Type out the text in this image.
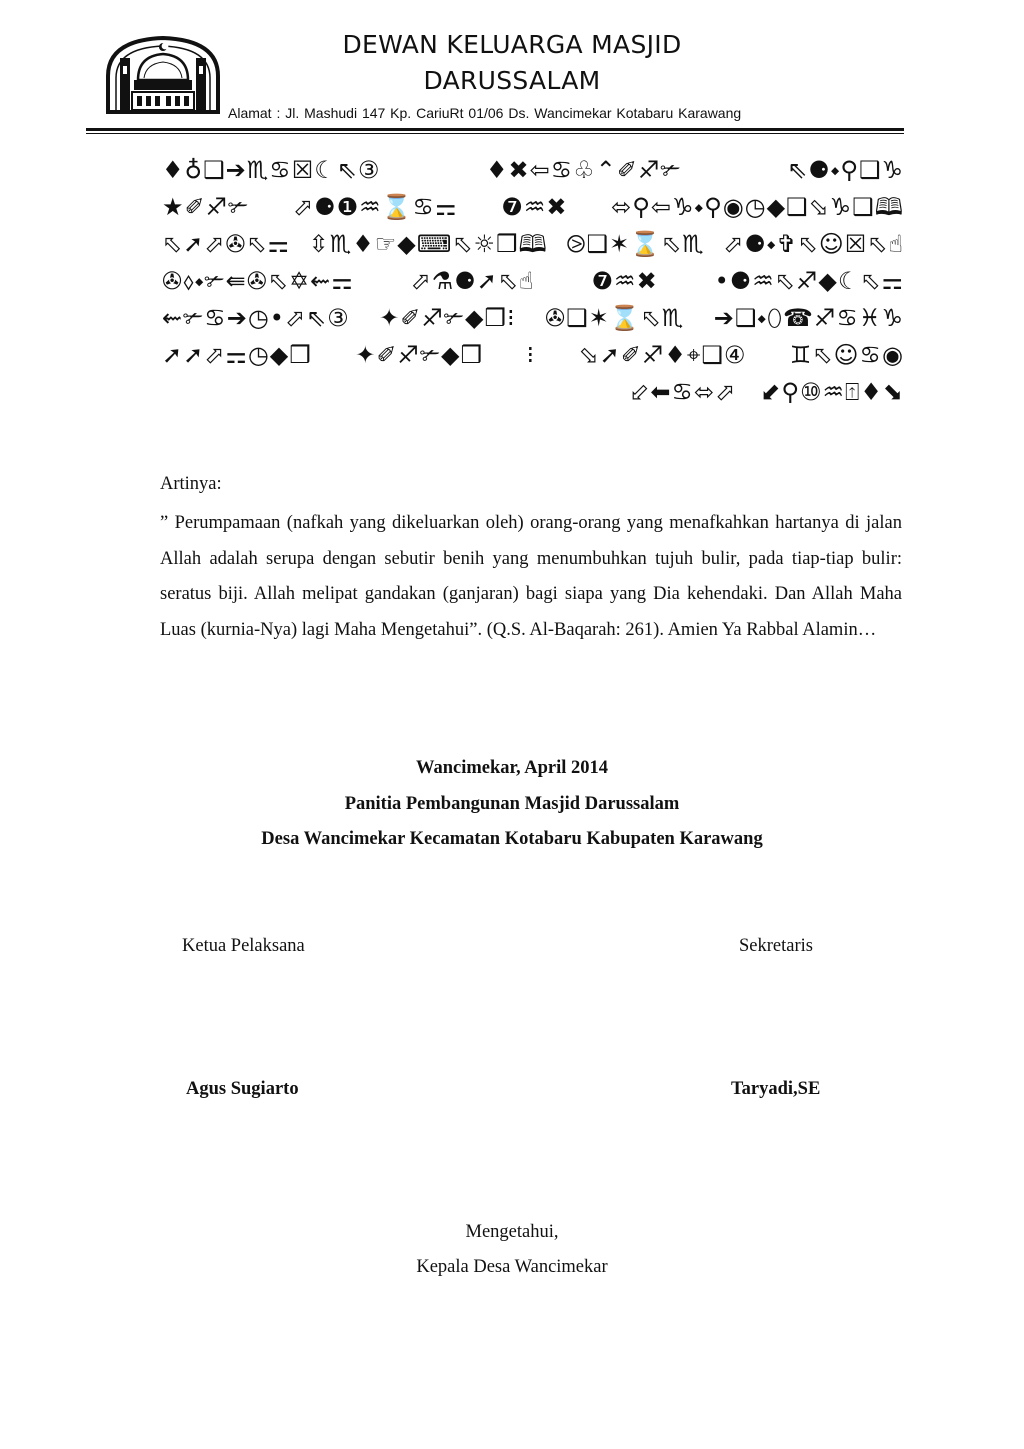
DEWAN KELUARGA MASJID
DARUSSALAM
Alamat : Jl. Mashudi 147 Kp. CariuRt 01/06 Ds. Wancimekar Kotabaru Karawang
♦♁❑➔♏♋☒☾⇖③	♦✖⇦♋♧⌃✐♐✃	⇖⚈⬩⚲❑♑
★✐♐✃ ⬀⚈❶♒⌛♋⚎ ❼♒✖ ⬄⚲⇦♑⬩⚲◉◷◆❑⬂♑❑🕮
⬁➚⬀✇⬁⚎ ⇳♏♦☞◆⌨⬁☼❒🕮 ⧁❑✶⌛⬁♏ ⬀⚈⬩✞⬁☺☒⬁☝
✇⬨⬩✃⇚✇⬁✡⇜⚎ ⬀⚗⚈➚⬁☝ ❼♒✖ •⚈♒⬁♐◆☾⬁⚎
⇜✃♋➔◷•⬀⇖③ ✦✐♐✃◆❒⁝ ✇❑✶⌛⬁♏ ➔❑⬩⬯☎♐♋♓♑
➚➚⬀⚎◷◆❒ ✦✐♐✃◆❒ ⁝ ⬂➚✐♐♦⌖❑④ ♊⬁☺♋◉
⬃⬅♋⬄⬀ ⬋⚲⑩♒⍐♦⬊
Artinya:

” Perumpamaan (nafkah yang dikeluarkan oleh) orang-orang yang menafkahkan hartanya di jalan Allah adalah serupa dengan sebutir benih yang menumbuhkan tujuh bulir, pada tiap-tiap bulir: seratus biji. Allah melipat gandakan (ganjaran) bagi siapa yang Dia kehendaki. Dan Allah Maha Luas (kurnia-Nya) lagi Maha Mengetahui”. (Q.S. Al-Baqarah: 261). Amien Ya Rabbal Alamin…

Wancimekar, April 2014
Panitia Pembangunan Masjid Darussalam
Desa Wancimekar Kecamatan Kotabaru Kabupaten Karawang
Ketua Pelaksana	Sekretaris
Agus Sugiarto	Taryadi,SE
Mengetahui,
Kepala Desa Wancimekar
